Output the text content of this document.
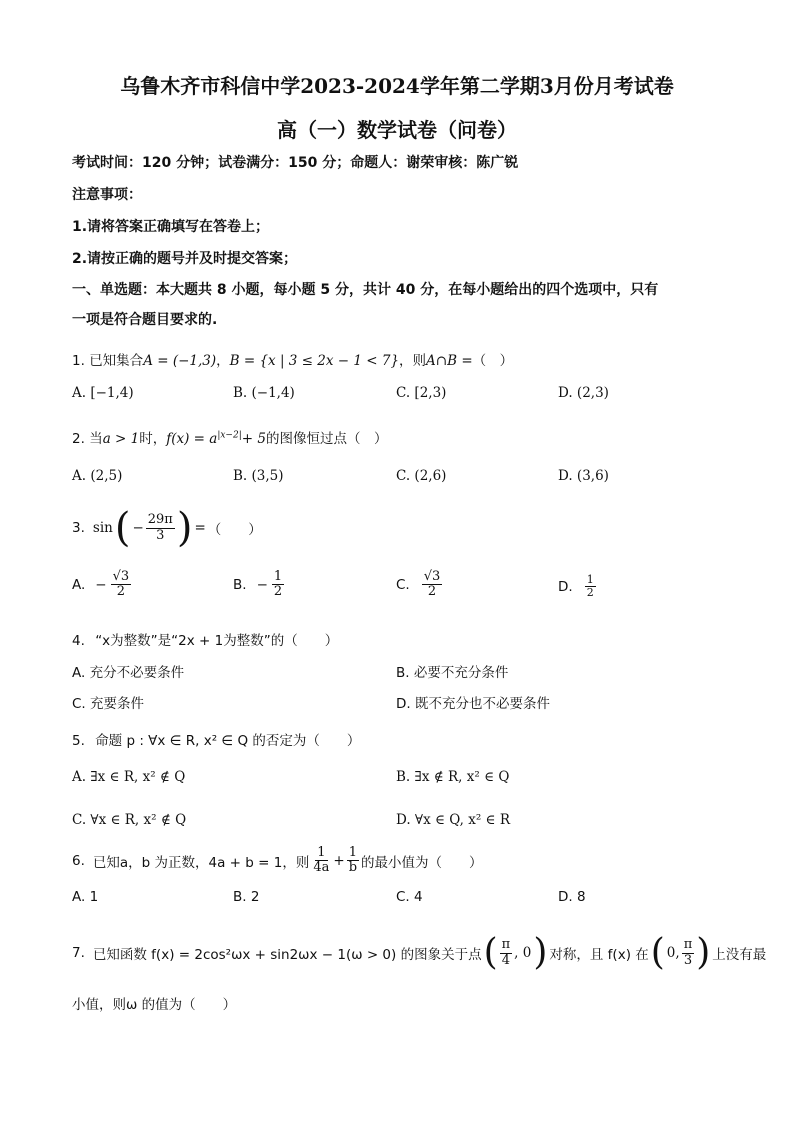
乌鲁木齐市科信中学2023-2024学年第二学期3月份月考试卷
高（一）数学试卷（问卷）
考试时间：120 分钟；试卷满分：150 分；命题人：谢荣审核：陈广锐
注意事项：
1.请将答案正确填写在答卷上；
2.请按正确的题号并及时提交答案；
一、单选题：本大题共 8 小题，每小题 5 分，共计 40 分，在每小题给出的四个选项中，只有
一项是符合题目要求的.
1. 已知集合A = (−1,3)，B = {x | 3 ≤ 2x − 1 < 7}，则A∩B =（　）
A. [−1,4)	B. (−1,4)	C. [2,3)	D. (2,3)
2. 当a > 1时，$f(x) = a^{|x-2|}+ 5$的图像恒过点（　）
A. (2,5)	B. (3,5)	C. (2,6)	D. (3,6)
3. sin ( − $\frac{29\pi}{3}$ ) = （　　）
A. − $\frac{√3}{2}$	B. − $\frac{1}{2}$	C. $\frac{√3}{2}$	D. $\frac{1}{2}$
4. “x为整数”是“2x + 1为整数”的（　　）
A. 充分不必要条件	B. 必要不充分条件
C. 充要条件	D. 既不充分也不必要条件
5. 命题 p : ∀x ∈ R, x² ∈ Q 的否定为（　　）
A. ∃x ∈ R, x² ∉ Q	B. ∃x ∉ R, x² ∈ Q
C. ∀x ∈ R, x² ∉ Q	D. ∀x ∈ Q, x² ∈ R
6. 已知a，b 为正数，4a + b = 1，则 $\frac{1}{4a} + \frac{1}{b}$ 的最小值为（　　）
A. 1	B. 2	C. 4	D. 8
7. 已知函数 f(x) = 2cos²ωx + sin2ωx − 1(ω > 0) 的图象关于点 ( $\frac{\pi}{4}$ , 0 ) 对称，且 f(x) 在 ( 0, $\frac{\pi}{3}$ ) 上没有最
小值，则ω 的值为（　　）
